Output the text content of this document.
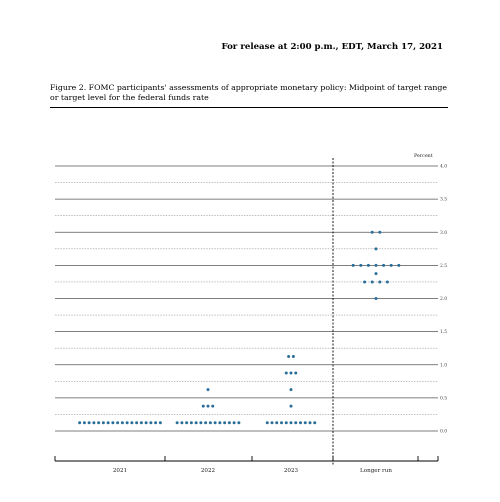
For release at 2:00 p.m., EDT, March 17, 2021
Figure 2. FOMC participants' assessments of appropriate monetary policy: Midpoint of target range or target level for the federal funds rate
0.0
0.5
1.0
1.5
2.0
2.5
3.0
3.5
4.0
Percent
2021	2022	2023	Longer run
